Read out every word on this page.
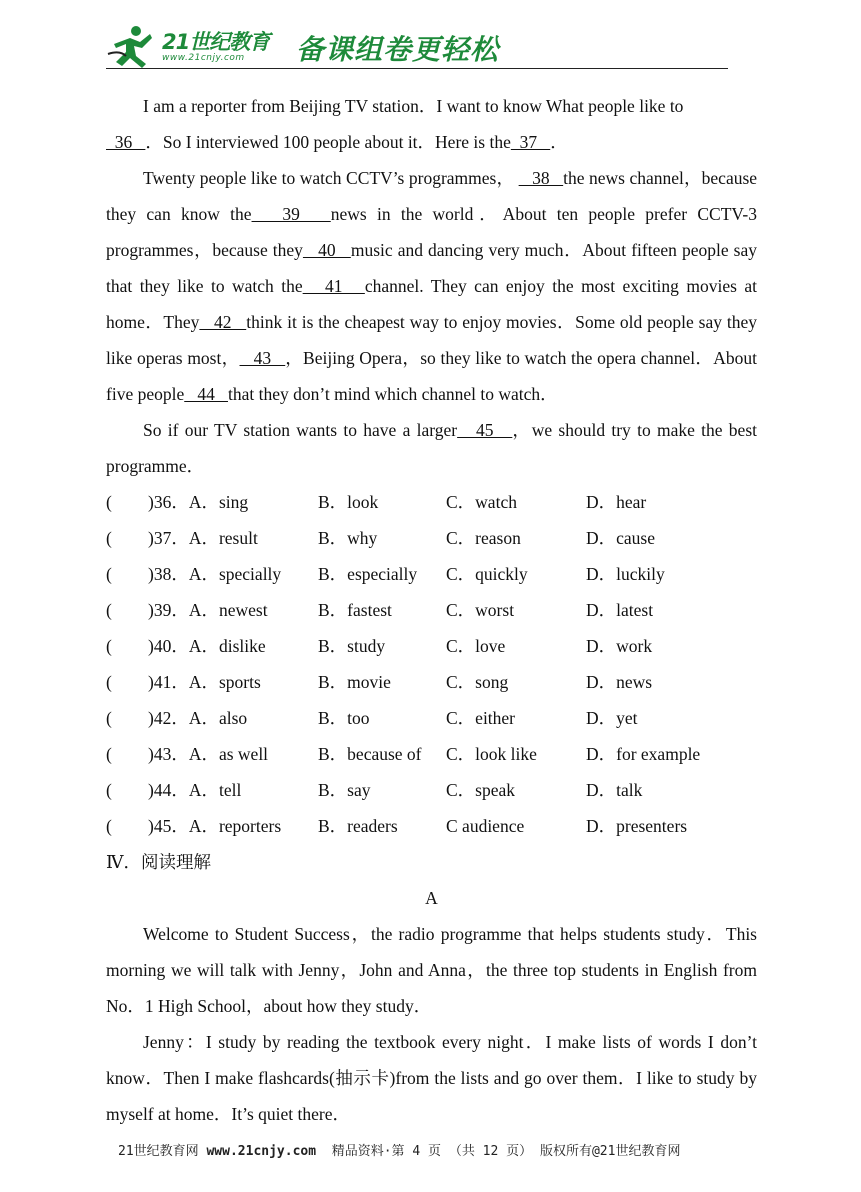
21世纪教育
www.21cnjy.com 备课组卷更轻松

I am a reporter from Beijing TV station．I want to know What people like to
36   ．So I interviewed 100 people about it．Here is the  37   ．

Twenty people like to watch CCTV’s programmes，    38   the news channel，because they can know the   39   news in the world．About ten people prefer CCTV-3 programmes，because they   40   music and dancing very much．About fifteen people say that they like to watch the   41   channel. They can enjoy the most exciting movies at home．They   42   think it is the cheapest way to enjoy movies．Some old people say they like operas most，   43   ，Beijing Opera，so they like to watch the opera channel．About five people   44   that they don’t mind which channel to watch．

So if our TV station wants to have a larger   45   ，we should try to make the best programme．

( )36．A．sing	B．look	C．watch	D．hear
( )37．A．result	B．why	C．reason	D．cause
( )38．A．specially B．especially C．quickly	D．luckily
( )39．A．newest	B．fastest	C．worst	D．latest
( )40．A．dislike	B．study	C．love	D．work
( )41．A．sports	B．movie	C．song	D．news
( )42．A．also	B．too	C．either	D．yet
( )43．A．as well	B．because of C．look like	D．for example
( )44．A．tell	B．say	C．speak	D．talk
( )45．A．reporters B．readers	C audience	D．presenters

Ⅳ．阅读理解

A

Welcome to Student Success，the radio programme that helps students study．This morning we will talk with Jenny，John and Anna，the three top students in English from No．1 High School，about how they study．

Jenny：I study by reading the textbook every night．I make lists of words I don’t know．Then I make flashcards(抽示卡)from the lists and go over them．I like to study by myself at home．It’s quiet there．

21世纪教育网 www.21cnjy.com 精品资料·第 4 页 （共 12 页） 版权所有@21世纪教育网
